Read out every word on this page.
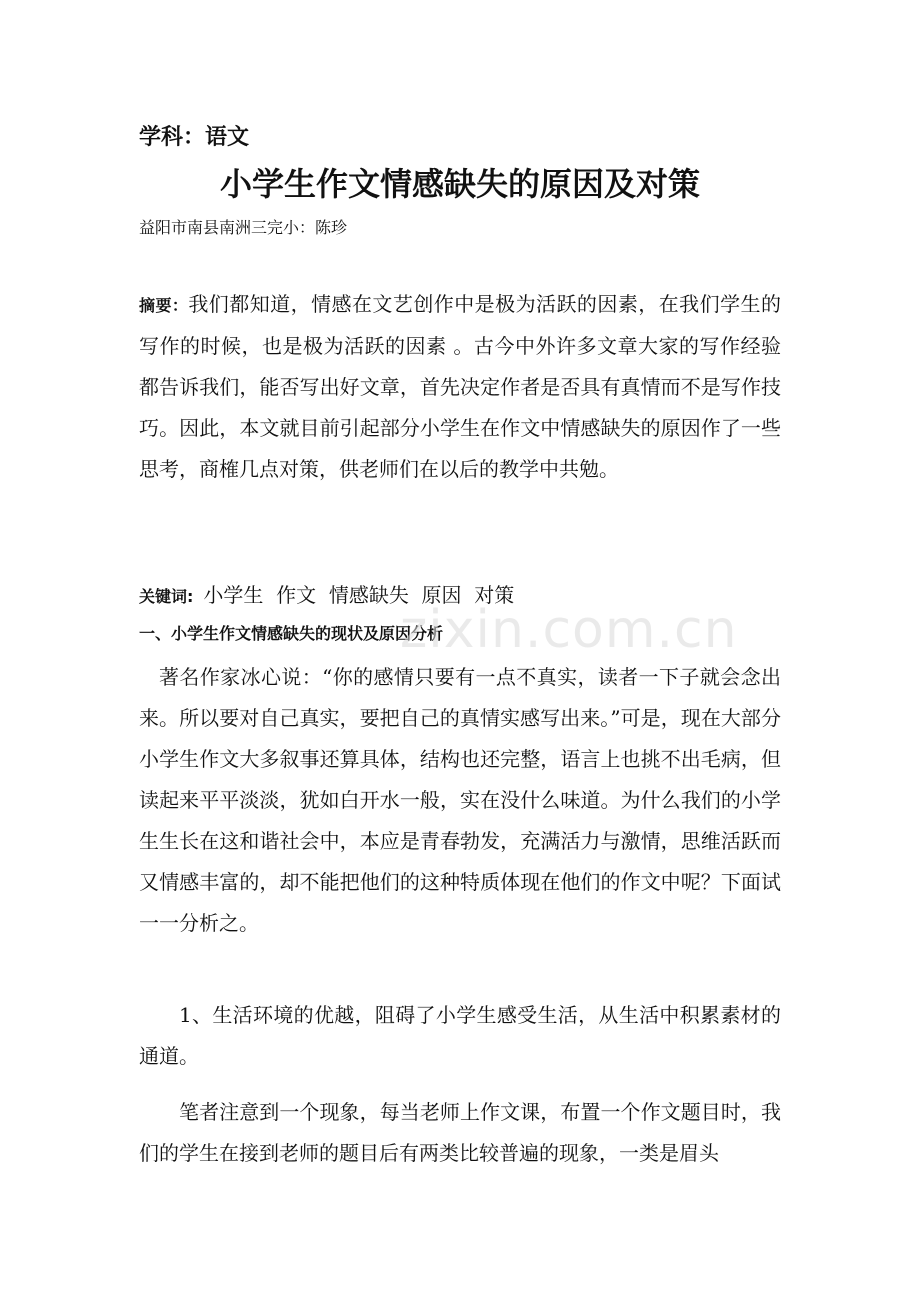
学科：语文
小学生作文情感缺失的原因及对策
益阳市南县南洲三完小：陈珍

摘要：我们都知道，情感在文艺创作中是极为活跃的因素，在我们学生的写作的时候，也是极为活跃的因素 。古今中外许多文章大家的写作经验都告诉我们，能否写出好文章，首先决定作者是否具有真情而不是写作技巧。因此，本文就目前引起部分小学生在作文中情感缺失的原因作了一些思考，商榷几点对策，供老师们在以后的教学中共勉。

关键词: 小学生  作文  情感缺失  原因  对策

一、小学生作文情感缺失的现状及原因分析

著名作家冰心说：“你的感情只要有一点不真实，读者一下子就会念出来。所以要对自己真实，要把自己的真情实感写出来。”可是，现在大部分小学生作文大多叙事还算具体，结构也还完整，语言上也挑不出毛病，但读起来平平淡淡，犹如白开水一般，实在没什么味道。为什么我们的小学生生长在这和谐社会中，本应是青春勃发，充满活力与激情，思维活跃而又情感丰富的，却不能把他们的这种特质体现在他们的作文中呢？下面试一一分析之。

1、生活环境的优越，阻碍了小学生感受生活，从生活中积累素材的通道。

笔者注意到一个现象，每当老师上作文课，布置一个作文题目时，我们的学生在接到老师的题目后有两类比较普遍的现象，一类是眉头

zixin.com.cn
